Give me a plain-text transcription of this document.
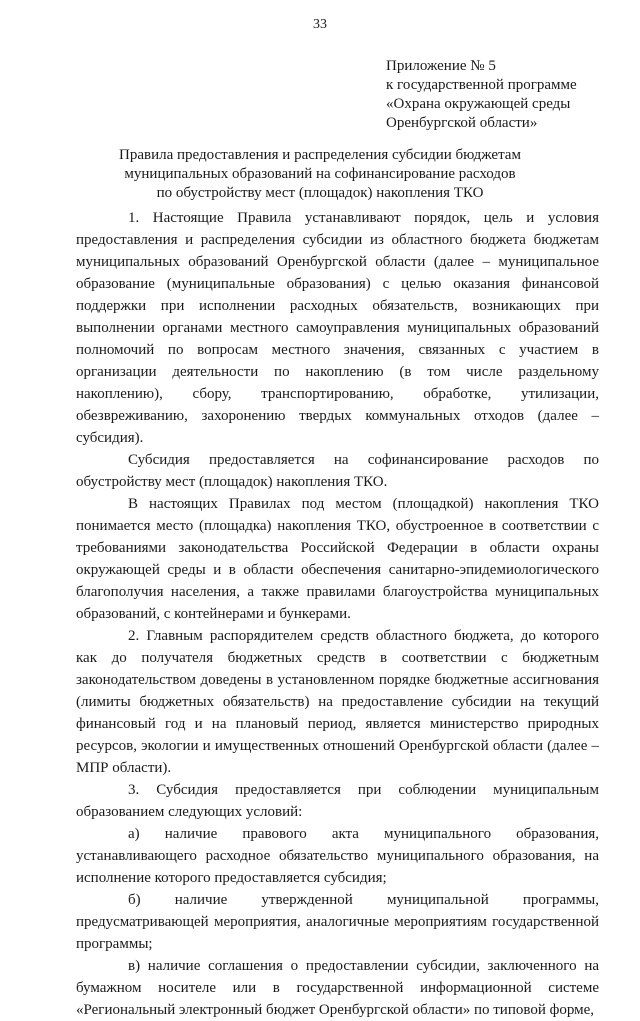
33
Приложение № 5
к государственной программе
«Охрана окружающей среды
Оренбургской области»
Правила предоставления и распределения субсидии бюджетам
муниципальных образований на софинансирование расходов
по обустройству мест (площадок) накопления ТКО

1. Настоящие Правила устанавливают порядок, цель и условия предоставления и распределения субсидии из областного бюджета бюджетам муниципальных образований Оренбургской области (далее – муниципальное образование (муниципальные образования) с целью оказания финансовой поддержки при исполнении расходных обязательств, возникающих при выполнении органами местного самоуправления муниципальных образований полномочий по вопросам местного значения, связанных с участием в организации деятельности по накоплению (в том числе раздельному накоплению), сбору, транспортированию, обработке, утилизации, обезвреживанию, захоронению твердых коммунальных отходов (далее – субсидия).

Субсидия предоставляется на софинансирование расходов по обустройству мест (площадок) накопления ТКО.

В настоящих Правилах под местом (площадкой) накопления ТКО понимается место (площадка) накопления ТКО, обустроенное в соответствии с требованиями законодательства Российской Федерации в области охраны окружающей среды и в области обеспечения санитарно-эпидемиологического благополучия населения, а также правилами благоустройства муниципальных образований, с контейнерами и бункерами.

2. Главным распорядителем средств областного бюджета, до которого как до получателя бюджетных средств в соответствии с бюджетным законодательством доведены в установленном порядке бюджетные ассигнования (лимиты бюджетных обязательств) на предоставление субсидии на текущий финансовый год и на плановый период, является министерство природных ресурсов, экологии и имущественных отношений Оренбургской области (далее – МПР области).

3. Субсидия предоставляется при соблюдении муниципальным образованием следующих условий:

а) наличие правового акта муниципального образования, устанавливающего расходное обязательство муниципального образования, на исполнение которого предоставляется субсидия;

б) наличие утвержденной муниципальной программы, предусматривающей мероприятия, аналогичные мероприятиям государственной программы;

в) наличие соглашения о предоставлении субсидии, заключенного на бумажном носителе или в государственной информационной системе «Региональный электронный бюджет Оренбургской области» по типовой форме,
